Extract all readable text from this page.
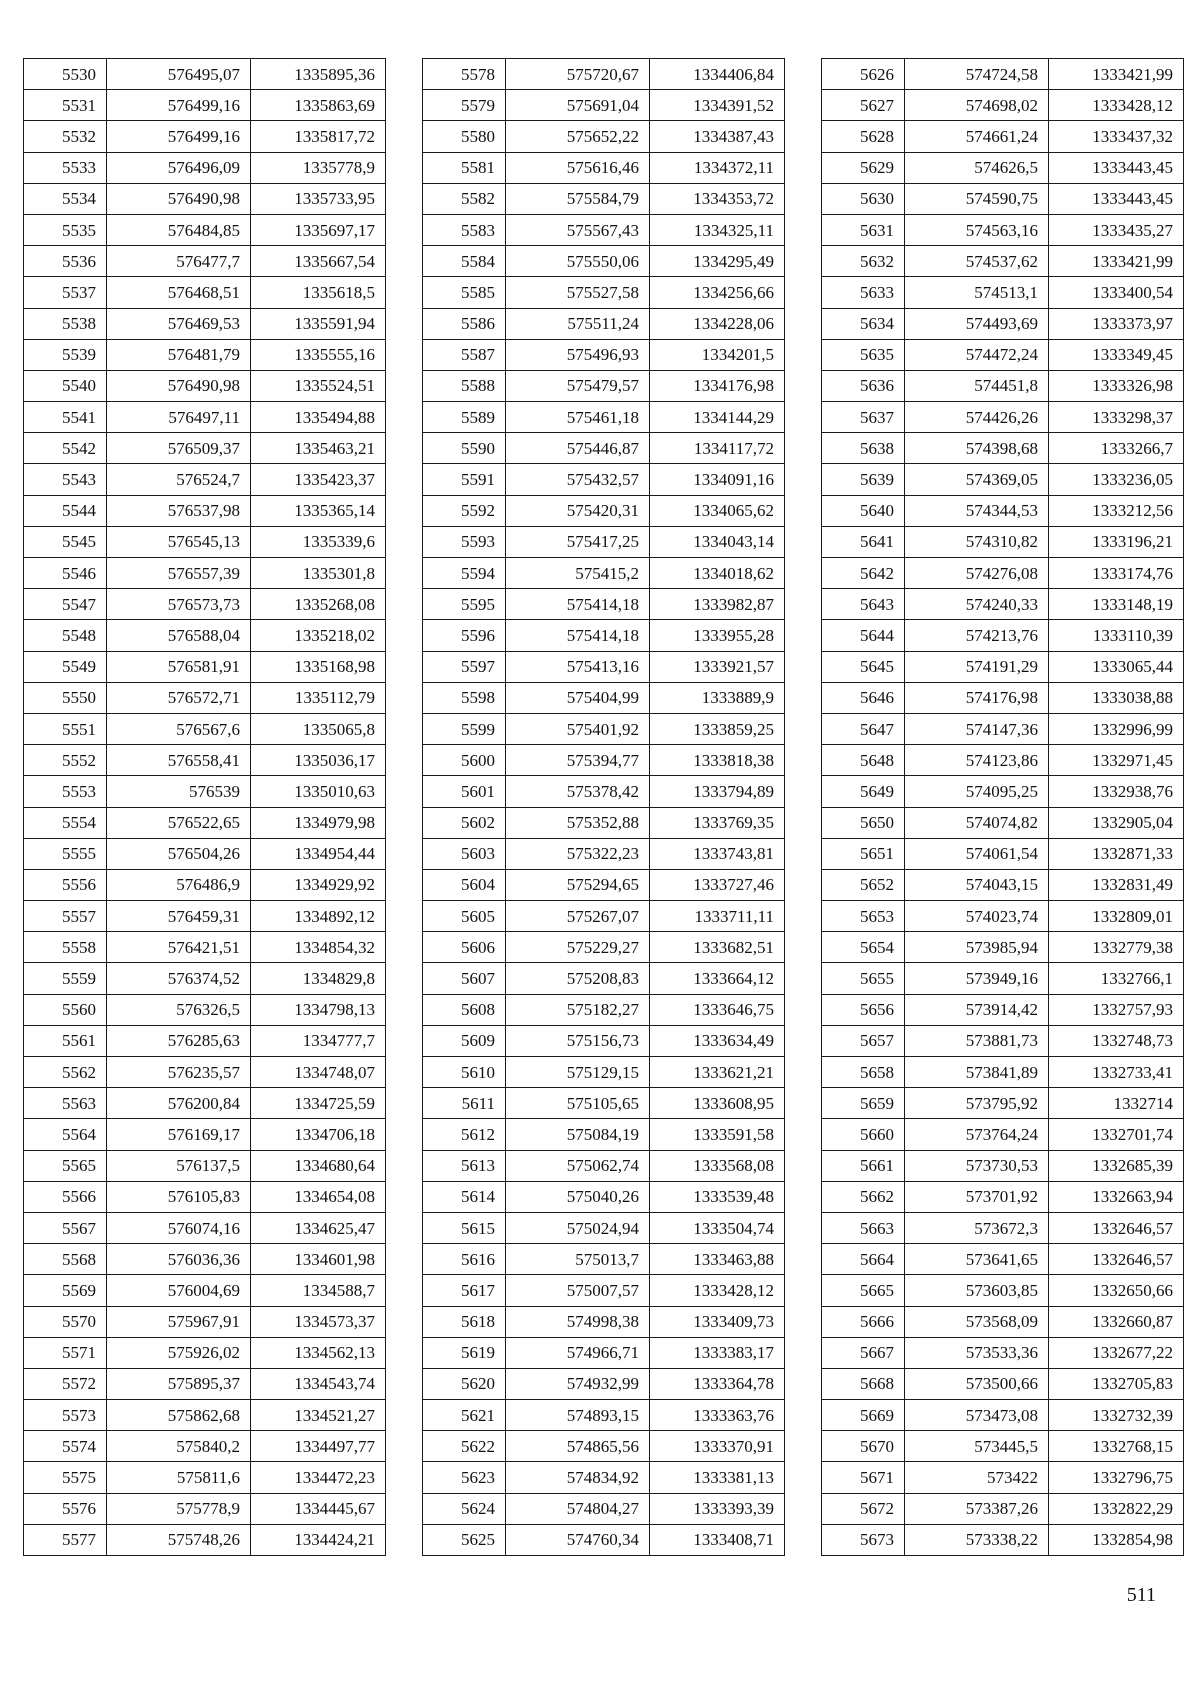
5530	576495,07	1335895,36
5531	576499,16	1335863,69
5532	576499,16	1335817,72
5533	576496,09	1335778,9
5534	576490,98	1335733,95
5535	576484,85	1335697,17
5536	576477,7	1335667,54
5537	576468,51	1335618,5
5538	576469,53	1335591,94
5539	576481,79	1335555,16
5540	576490,98	1335524,51
5541	576497,11	1335494,88
5542	576509,37	1335463,21
5543	576524,7	1335423,37
5544	576537,98	1335365,14
5545	576545,13	1335339,6
5546	576557,39	1335301,8
5547	576573,73	1335268,08
5548	576588,04	1335218,02
5549	576581,91	1335168,98
5550	576572,71	1335112,79
5551	576567,6	1335065,8
5552	576558,41	1335036,17
5553	576539	1335010,63
5554	576522,65	1334979,98
5555	576504,26	1334954,44
5556	576486,9	1334929,92
5557	576459,31	1334892,12
5558	576421,51	1334854,32
5559	576374,52	1334829,8
5560	576326,5	1334798,13
5561	576285,63	1334777,7
5562	576235,57	1334748,07
5563	576200,84	1334725,59
5564	576169,17	1334706,18
5565	576137,5	1334680,64
5566	576105,83	1334654,08
5567	576074,16	1334625,47
5568	576036,36	1334601,98
5569	576004,69	1334588,7
5570	575967,91	1334573,37
5571	575926,02	1334562,13
5572	575895,37	1334543,74
5573	575862,68	1334521,27
5574	575840,2	1334497,77
5575	575811,6	1334472,23
5576	575778,9	1334445,67
5577	575748,26	1334424,21
5578	575720,67	1334406,84
5579	575691,04	1334391,52
5580	575652,22	1334387,43
5581	575616,46	1334372,11
5582	575584,79	1334353,72
5583	575567,43	1334325,11
5584	575550,06	1334295,49
5585	575527,58	1334256,66
5586	575511,24	1334228,06
5587	575496,93	1334201,5
5588	575479,57	1334176,98
5589	575461,18	1334144,29
5590	575446,87	1334117,72
5591	575432,57	1334091,16
5592	575420,31	1334065,62
5593	575417,25	1334043,14
5594	575415,2	1334018,62
5595	575414,18	1333982,87
5596	575414,18	1333955,28
5597	575413,16	1333921,57
5598	575404,99	1333889,9
5599	575401,92	1333859,25
5600	575394,77	1333818,38
5601	575378,42	1333794,89
5602	575352,88	1333769,35
5603	575322,23	1333743,81
5604	575294,65	1333727,46
5605	575267,07	1333711,11
5606	575229,27	1333682,51
5607	575208,83	1333664,12
5608	575182,27	1333646,75
5609	575156,73	1333634,49
5610	575129,15	1333621,21
5611	575105,65	1333608,95
5612	575084,19	1333591,58
5613	575062,74	1333568,08
5614	575040,26	1333539,48
5615	575024,94	1333504,74
5616	575013,7	1333463,88
5617	575007,57	1333428,12
5618	574998,38	1333409,73
5619	574966,71	1333383,17
5620	574932,99	1333364,78
5621	574893,15	1333363,76
5622	574865,56	1333370,91
5623	574834,92	1333381,13
5624	574804,27	1333393,39
5625	574760,34	1333408,71
5626	574724,58	1333421,99
5627	574698,02	1333428,12
5628	574661,24	1333437,32
5629	574626,5	1333443,45
5630	574590,75	1333443,45
5631	574563,16	1333435,27
5632	574537,62	1333421,99
5633	574513,1	1333400,54
5634	574493,69	1333373,97
5635	574472,24	1333349,45
5636	574451,8	1333326,98
5637	574426,26	1333298,37
5638	574398,68	1333266,7
5639	574369,05	1333236,05
5640	574344,53	1333212,56
5641	574310,82	1333196,21
5642	574276,08	1333174,76
5643	574240,33	1333148,19
5644	574213,76	1333110,39
5645	574191,29	1333065,44
5646	574176,98	1333038,88
5647	574147,36	1332996,99
5648	574123,86	1332971,45
5649	574095,25	1332938,76
5650	574074,82	1332905,04
5651	574061,54	1332871,33
5652	574043,15	1332831,49
5653	574023,74	1332809,01
5654	573985,94	1332779,38
5655	573949,16	1332766,1
5656	573914,42	1332757,93
5657	573881,73	1332748,73
5658	573841,89	1332733,41
5659	573795,92	1332714
5660	573764,24	1332701,74
5661	573730,53	1332685,39
5662	573701,92	1332663,94
5663	573672,3	1332646,57
5664	573641,65	1332646,57
5665	573603,85	1332650,66
5666	573568,09	1332660,87
5667	573533,36	1332677,22
5668	573500,66	1332705,83
5669	573473,08	1332732,39
5670	573445,5	1332768,15
5671	573422	1332796,75
5672	573387,26	1332822,29
5673	573338,22	1332854,98
511
